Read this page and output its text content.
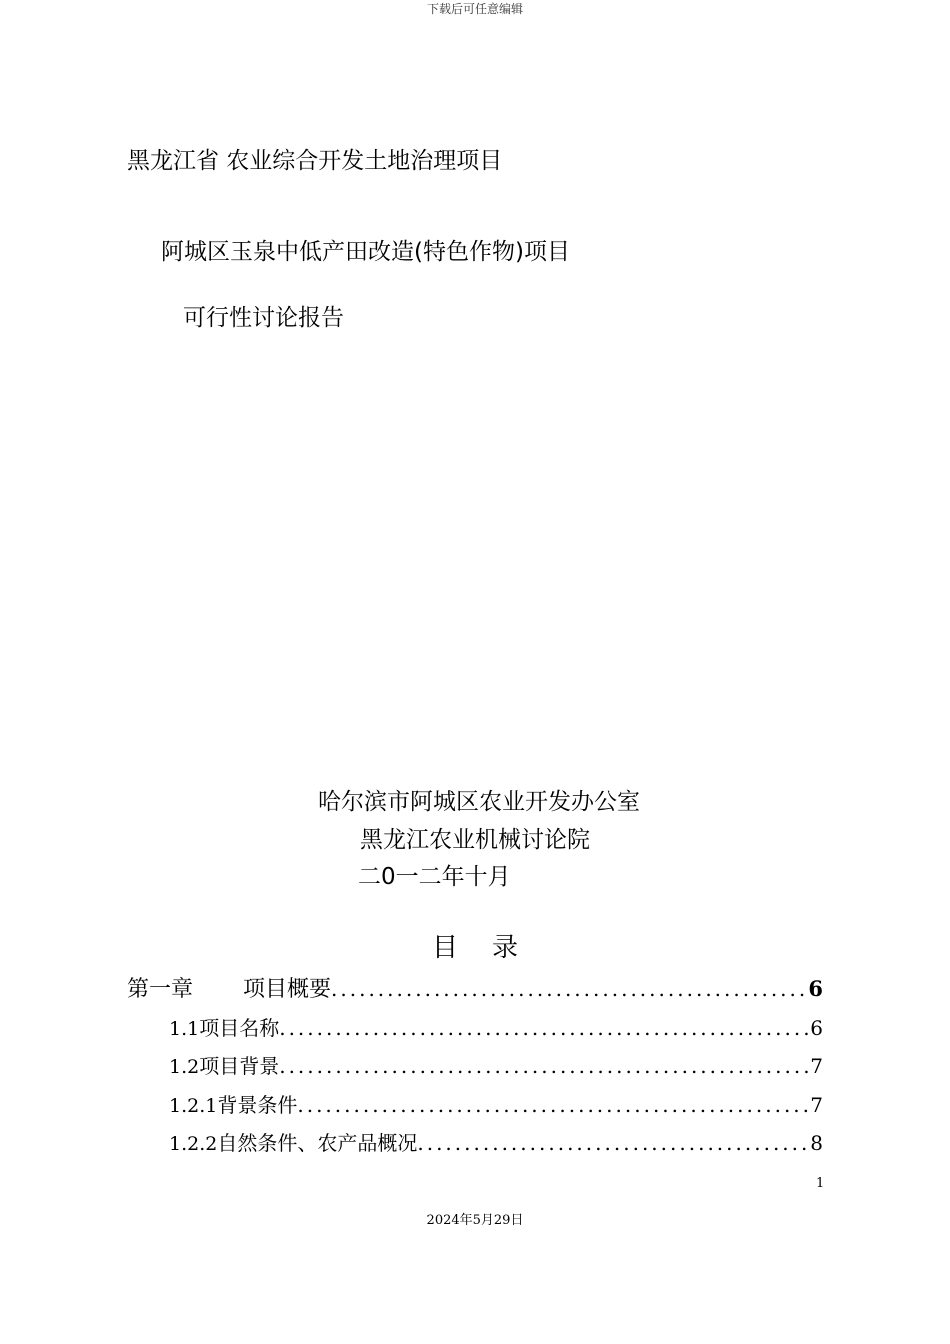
下载后可任意编辑
黑龙江省 农业综合开发土地治理项目
阿城区玉泉中低产田改造(特色作物)项目
可行性讨论报告
哈尔滨市阿城区农业开发办公室
黑龙江农业机械讨论院
二0一二年十月
目录
第一章 项目概要 .....	6
1.1项目名称 .....	6
1.2项目背景 .....	7
1.2.1背景条件 .....	7
1.2.2自然条件、农产品概况 .....	8
1
2024年5月29日
